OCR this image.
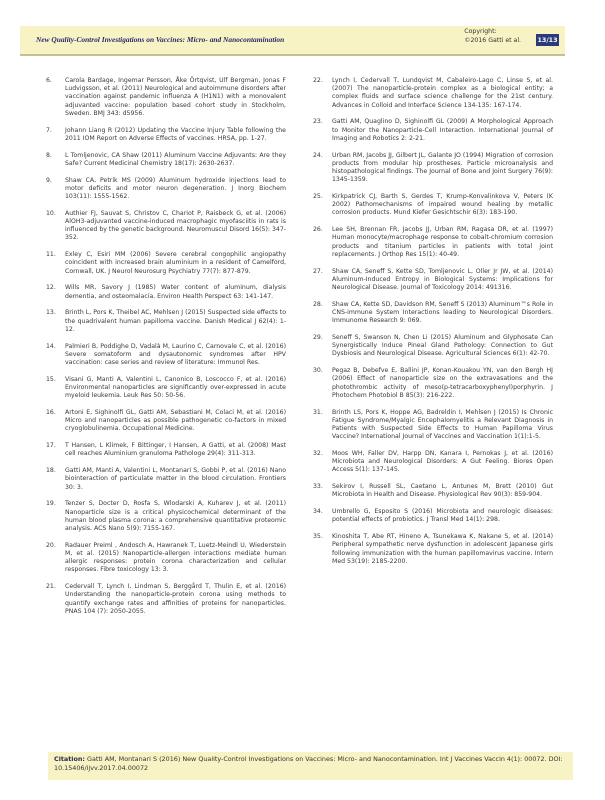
New Quality-Control Investigations on Vaccines: Micro- and Nanocontamination
Copyright:
©2016 Gatti et al.	13/13
6.	Carola Bardage, Ingemar Persson, Åke Örtqvist, Ulf Bergman, Jonas F Ludvigsson, et al. (2011) Neurological and autoimmune disorders after vaccination against pandemic influenza A (H1N1) with a monovalent adjuvanted vaccine: population based cohort study in Stockholm, Sweden. BMJ 343: d5956.
7.	Johann Liang R (2012) Updating the Vaccine Injury Table following the 2011 IOM Report on Adverse Effects of vaccines. HRSA, pp. 1-27.
8.	L Tomljenovic, CA Shaw (2011) Aluminum Vaccine Adjuvants: Are they Safe? Current Medicinal Chemistry 18(17): 2630-2637.
9.	Shaw CA, Petrik MS (2009) Aluminum hydroxide injections lead to motor deficits and motor neuron degeneration. J Inorg Biochem 103(11): 1555-1562.
10.	Authier FJ, Sauvat S, Christov C, Chariot P, Raisbeck G, et al. (2006) AlOH3-adjuvanted vaccine-induced macrophagic myofasciitis in rats is influenced by the genetic background. Neuromuscul Disord 16(5): 347-352.
11.	Exley C, Esiri MM (2006) Severe cerebral congophilic angiopathy coincident with increased brain aluminium in a resident of Camelford, Cornwall, UK. J Neurol Neurosurg Psychiatry 77(7): 877-879.
12.	Wills MR, Savory J (1985) Water content of aluminum, dialysis dementia, and osteomalacia. Environ Health Perspect 63: 141-147.
13.	Brinth L, Pors K, Theibel AC, Mehlsen J (2015) Suspected side effects to the quadrivalent human papilloma vaccine. Danish Medical J 62(4): 1-12.
14.	Palmieri B, Poddighe D, Vadalà M, Laurino C, Carnovale C, et al. (2016) Severe somatoform and dysautonomic syndromes after HPV vaccination: case series and review of literature: Immunol Res.
15.	Visani G, Manti A, Valentini L, Canonico B, Loscocco F, et al. (2016) Environmental nanoparticles are significantly over-expressed in acute myeloid leukemia. Leuk Res 50: 50-56.
16.	Artoni E, Sighinolfi GL, Gatti AM, Sebastiani M, Colaci M, et al. (2016) Micro and nanoparticles as possible pathogenetic co-factors in mixed cryoglobulinemia. Occupational Medicine.
17.	T Hansen, L Klimek, F Bittinger, I Hansen, A Gatti, et al. (2008) Mast cell reaches Aluminium granuloma Pathologe 29(4): 311-313.
18.	Gatti AM, Manti A, Valentini L, Montanari S, Gobbi P, et al. (2016) Nano biointeraction of particulate matter in the blood circulation. Frontiers 30: 3.
19.	Tenzer S, Docter D, Rosfa S, Wlodarski A, Kuharev J, et al. (2011) Nanoparticle size is a critical physicochemical determinant of the human blood plasma corona: a comprehensive quantitative proteomic analysis. ACS Nano 5(9): 7155-167.
20.	Radauer Preiml , Andosch A, Hawranek T, Luetz-Meindl U, Wiederstein M, et al. (2015) Nanoparticle-allergen interactions mediate human allergic responses: protein corona characterization and cellular responses. Fibre toxicology 13: 3.
21.	Cedervall T, Lynch I, Lindman S, Berggård T, Thulin E, et al. (2016) Understanding the nanoparticle-protein corona using methods to quantify exchange rates and affinities of proteins for nanoparticles. PNAS 104 (7): 2050-2055.
22.	Lynch I, Cedervall T, Lundqvist M, Cabaleiro-Lago C, Linse S, et al. (2007) The nanoparticle-protein complex as a biological entity; a complex fluids and surface science challenge for the 21st century. Advances in Colloid and Interface Science 134-135: 167-174.
23.	Gatti AM, Quaglino D, Sighinolfi GL (2009) A Morphological Approach to Monitor the Nanoparticle-Cell Interaction. International Journal of Imaging and Robotics 2: 2-21.
24.	Urban RM, Jacobs JJ, Gilbert JL, Galante JO (1994) Migration of corrosion products from modular hip prostheses. Particle microanalysis and histopathological findings. The Journal of Bone and Joint Surgery 76(9): 1345-1359.
25.	Kirkpatrick CJ, Barth S, Gerdes T, Krump-Konvalinkova V, Peters (K 2002) Pathomechanisms of impaired wound healing by metallic corrosion products. Mund Kiefer Gesichtschir 6(3): 183-190.
26.	Lee SH, Brennan FR, Jacobs JJ, Urban RM, Ragasa DR, et al. (1997) Human monocyte/macrophage response to cobalt-chromium corrosion products and titanium particles in patients with total joint replacements. J Orthop Res 15(1): 40-49.
27.	Shaw CA, Seneff S, Kette SD, Tomljenovic L, Oller Jr JW, et al. (2014) Aluminum-Induced Entropy in Biological Systems: Implications for Neurological Disease. Journal of Toxicology 2014: 491316.
28.	Shaw CA, Kette SD, Davidson RM, Seneff S (2013) Aluminum™s Role in CNS-immune System Interactions leading to Neurological Disorders. Immunome Research 9: 069.
29.	Seneff S, Swanson N, Chen Li (2015) Aluminum and Glyphosate Can Synergistically Induce Pineal Gland Pathology: Connection to Gut Dysbiosis and Neurological Disease. Agricultural Sciences 6(1): 42-70.
30.	Pegaz B, Debefve E, Ballini JP, Konan-Kouakou YN, van den Bergh HJ (2006) Effect of nanoparticle size on the extravasations and the photothrombic activity of meso(p-tetracarboxyphenyl)porphyrin. J Photochem Photobiol B 85(3): 216-222.
31.	Brinth LS, Pors K, Hoppe AG, Badreldin I, Mehlsen J (2015) Is Chronic Fatigue Syndrome/Myalgic Encephalomyelitis a Relevant Diagnosis in Patients with Suspected Side Effects to Human Papilloma Virus Vaccine? International Journal of Vaccines and Vaccination 1(1):1-5.
32.	Moos WH, Faller DV, Harpp DN, Kanara I, Pernokas J, et al. (2016) Microbiota and Neurological Disorders: A Gut Feeling. Biores Open Access 5(1): 137-145.
33.	Sekirov I, Russell SL, Caetano L, Antunes M, Brett (2010) Gut Microbiota in Health and Disease. Physiological Rev 90(3): 859-904.
34.	Umbrello G, Esposito S (2016) Microbiota and neurologic diseases: potential effects of probiotics. J Transl Med 14(1): 298.
35.	Kinoshita T, Abe RT, Hineno A, Tsunekawa K, Nakane S, et al. (2014) Peripheral sympathetic nerve dysfunction in adolescent Japanese girls following immunization with the human papillomavirus vaccine. Intern Med 53(19): 2185-2200.
Citation: Gatti AM, Montanari S (2016) New Quality-Control Investigations on Vaccines: Micro- and Nanocontamination. Int J Vaccines Vaccin 4(1): 00072. DOI: 10.15406/ijvv.2017.04.00072
